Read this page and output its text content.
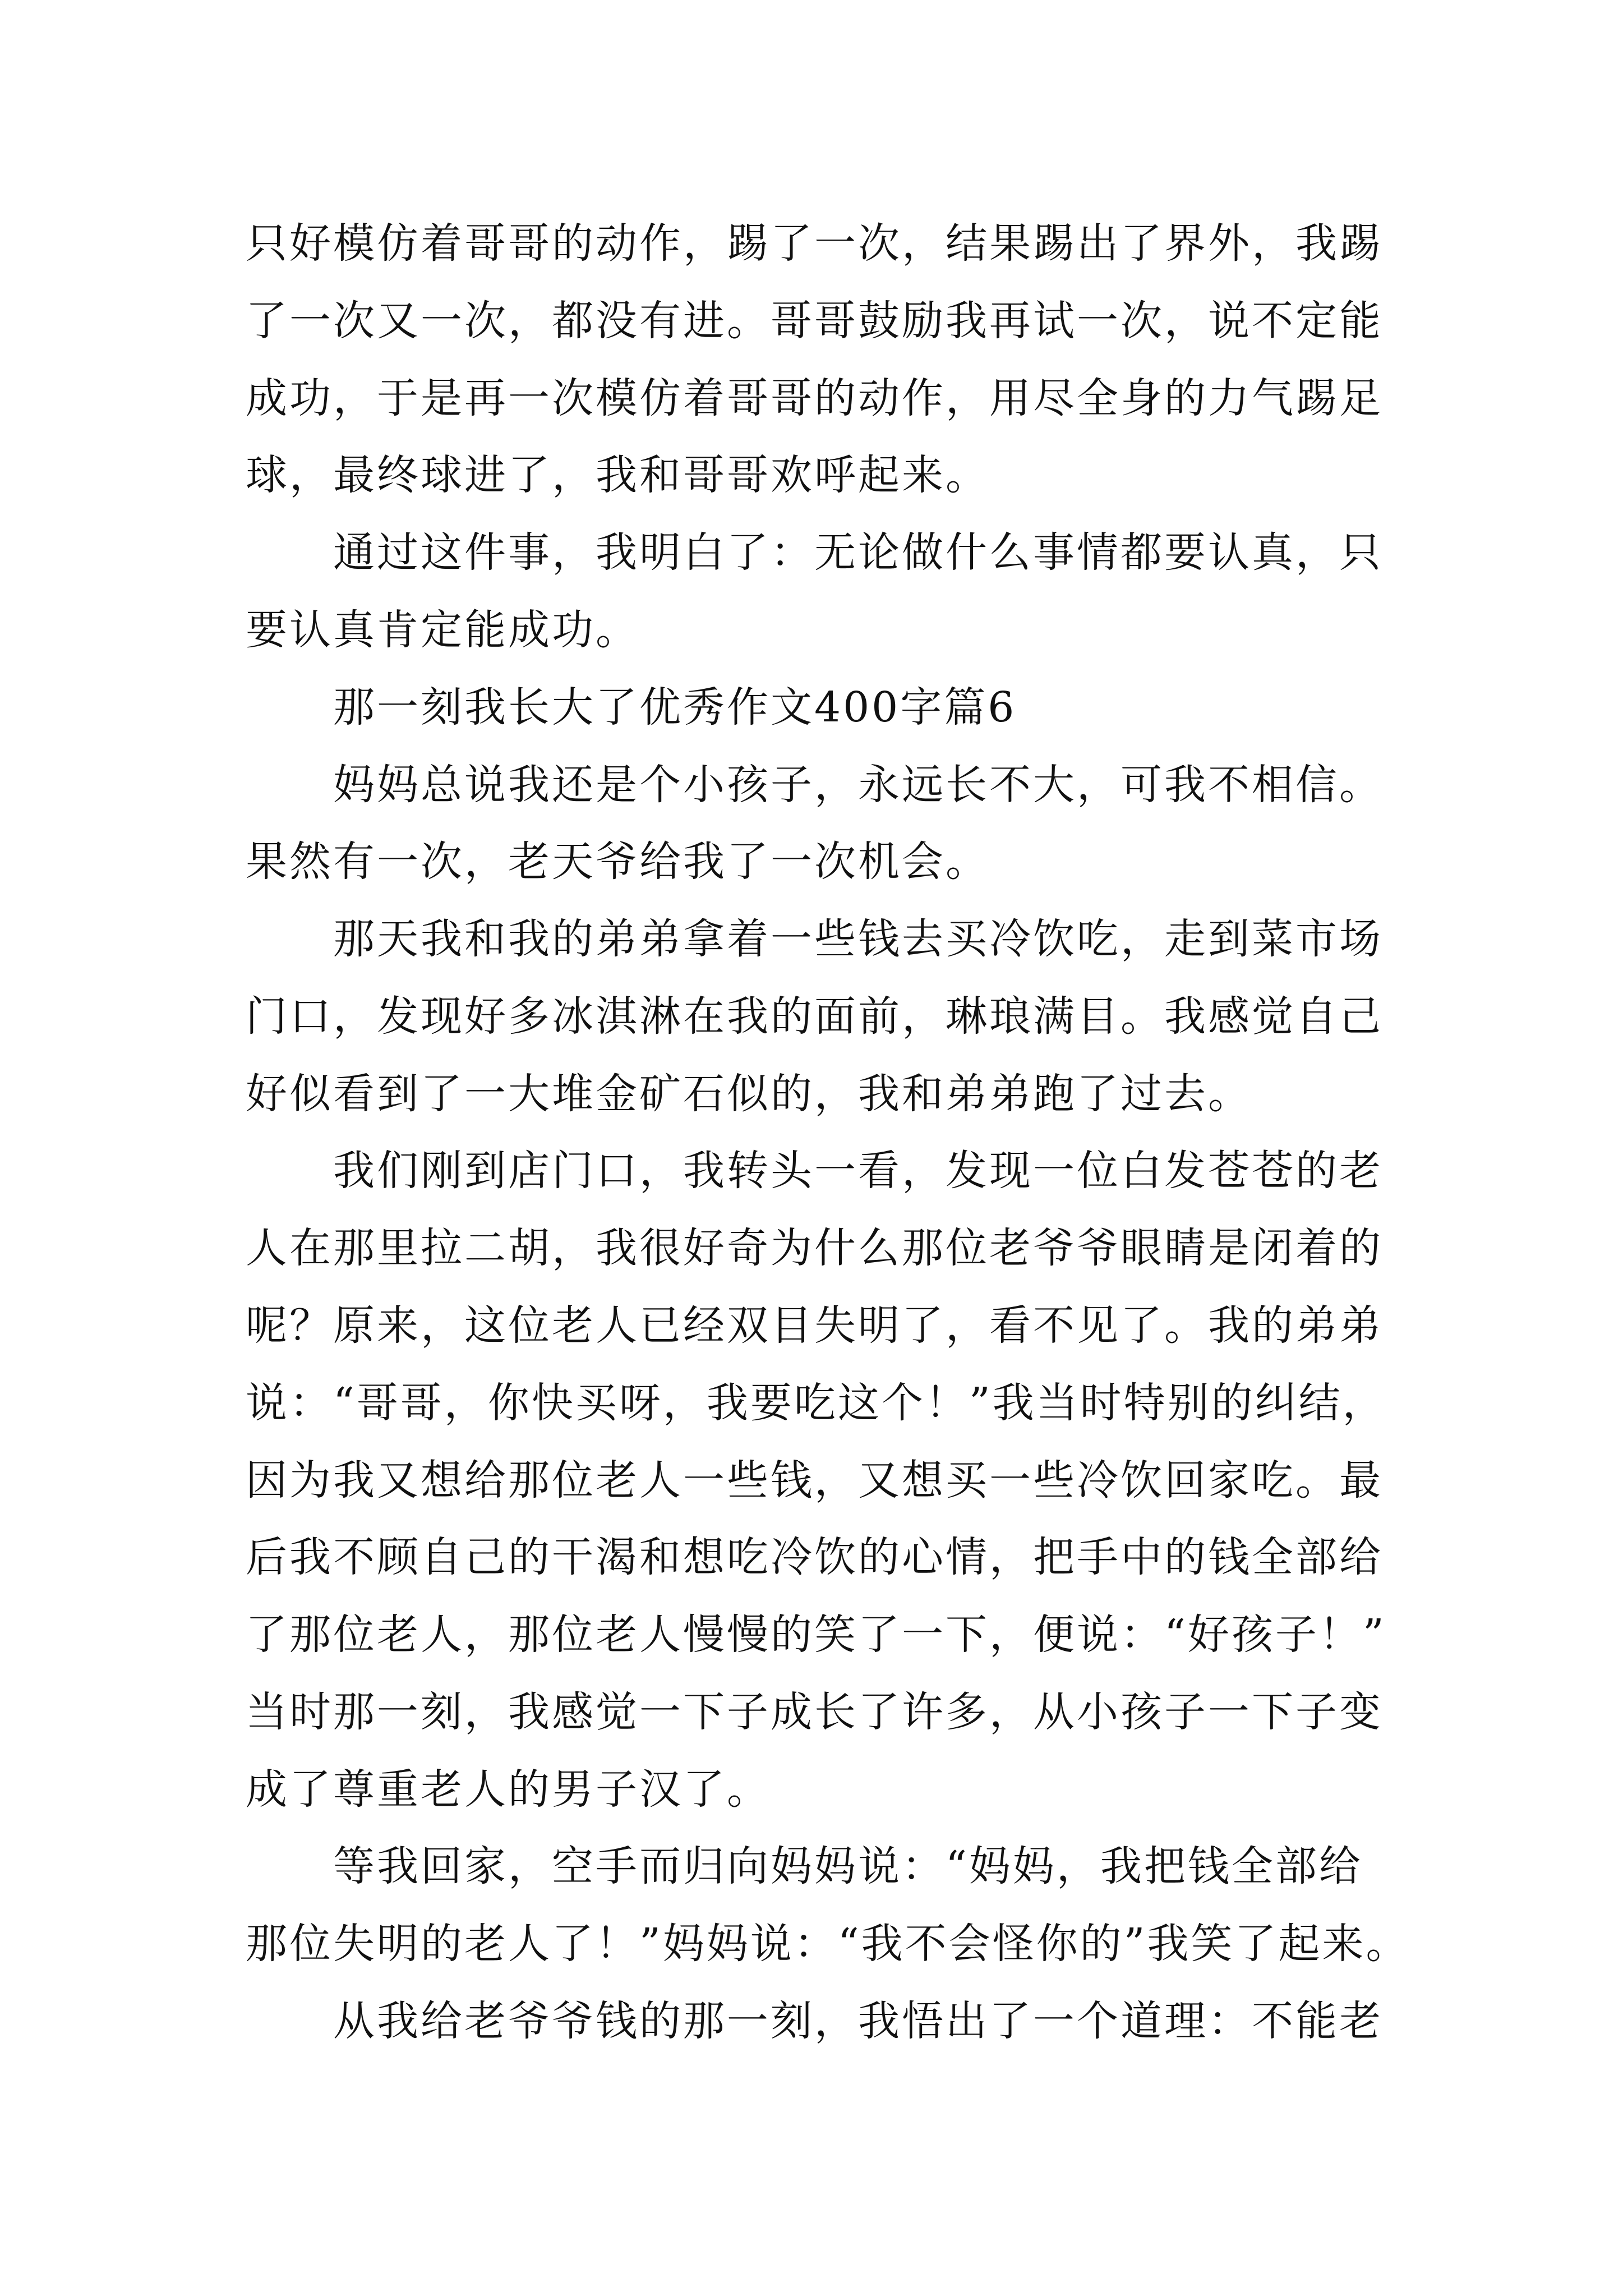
只好模仿着哥哥的动作，踢了一次，结果踢出了界外，我踢
了一次又一次，都没有进。哥哥鼓励我再试一次，说不定能
成功，于是再一次模仿着哥哥的动作，用尽全身的力气踢足
球，最终球进了，我和哥哥欢呼起来。
　　通过这件事，我明白了：无论做什么事情都要认真，只
要认真肯定能成功。
　　那一刻我长大了优秀作文400字篇6
　　妈妈总说我还是个小孩子，永远长不大，可我不相信。
果然有一次，老天爷给我了一次机会。
　　那天我和我的弟弟拿着一些钱去买冷饮吃，走到菜市场
门口，发现好多冰淇淋在我的面前，琳琅满目。我感觉自己
好似看到了一大堆金矿石似的，我和弟弟跑了过去。
　　我们刚到店门口，我转头一看，发现一位白发苍苍的老
人在那里拉二胡，我很好奇为什么那位老爷爷眼睛是闭着的
呢？原来，这位老人已经双目失明了，看不见了。我的弟弟
说：“哥哥，你快买呀，我要吃这个！”我当时特别的纠结，
因为我又想给那位老人一些钱，又想买一些冷饮回家吃。最
后我不顾自己的干渴和想吃冷饮的心情，把手中的钱全部给
了那位老人，那位老人慢慢的笑了一下，便说：“好孩子！”
当时那一刻，我感觉一下子成长了许多，从小孩子一下子变
成了尊重老人的男子汉了。
　　等我回家，空手而归向妈妈说：“妈妈，我把钱全部给
那位失明的老人了！”妈妈说：“我不会怪你的”我笑了起来。
　　从我给老爷爷钱的那一刻，我悟出了一个道理：不能老
